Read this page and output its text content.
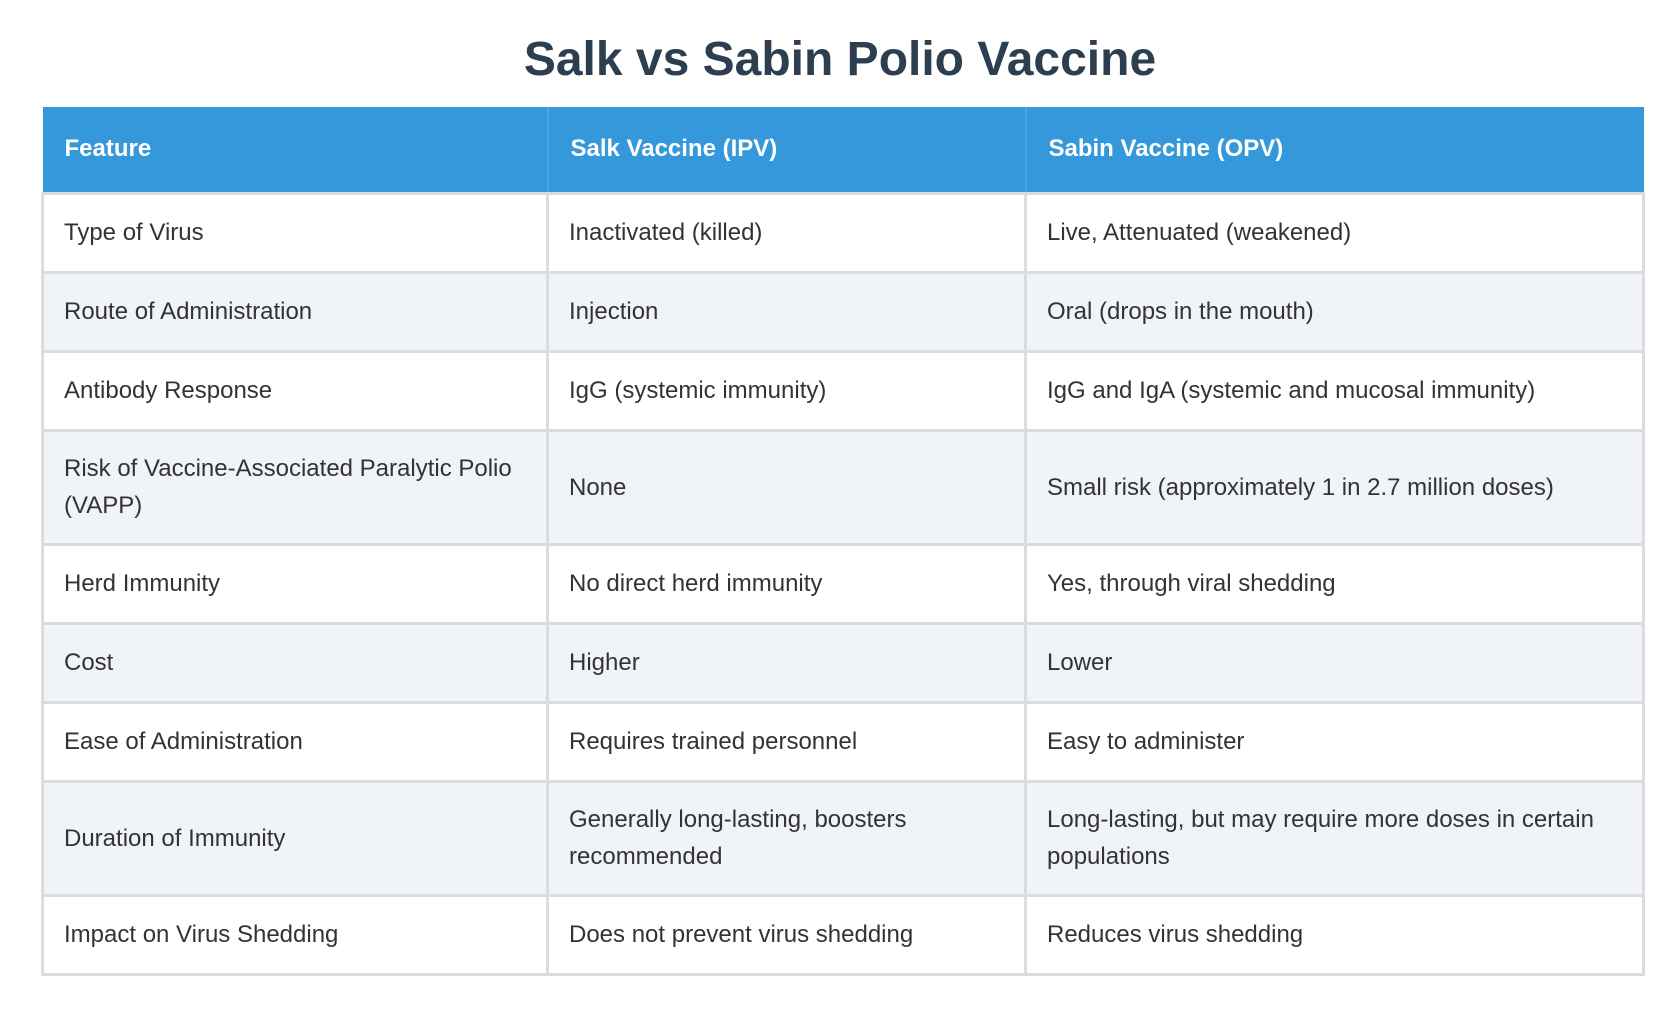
Salk vs Sabin Polio Vaccine
Feature	Salk Vaccine (IPV)	Sabin Vaccine (OPV)
Type of Virus	Inactivated (killed)	Live, Attenuated (weakened)
Route of Administration	Injection	Oral (drops in the mouth)
Antibody Response	IgG (systemic immunity)	IgG and IgA (systemic and mucosal immunity)
Risk of Vaccine-Associated Paralytic Polio (VAPP)	None	Small risk (approximately 1 in 2.7 million doses)
Herd Immunity	No direct herd immunity	Yes, through viral shedding
Cost	Higher	Lower
Ease of Administration	Requires trained personnel	Easy to administer
Duration of Immunity	Generally long-lasting, boosters recommended	Long-lasting, but may require more doses in certain populations
Impact on Virus Shedding	Does not prevent virus shedding	Reduces virus shedding
